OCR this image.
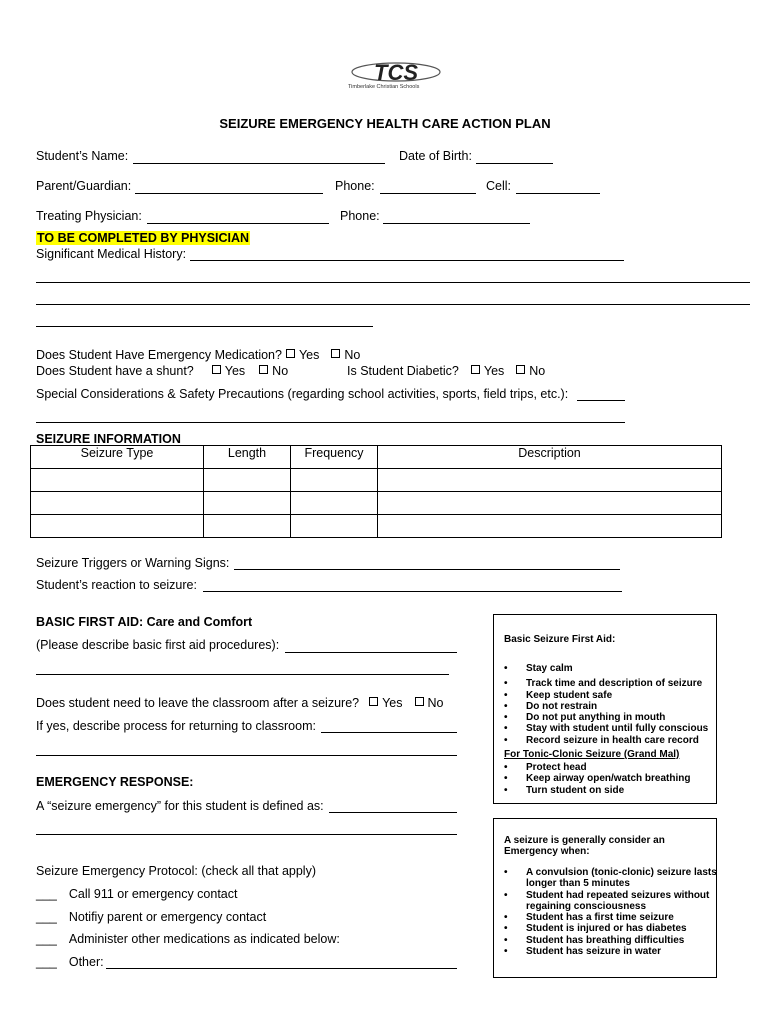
TCS
Timberlake Christian Schools
SEIZURE EMERGENCY HEALTH CARE ACTION PLAN
Student’s Name:	Date of Birth:
Parent/Guardian:	Phone:	Cell:
Treating Physician:	Phone:
TO BE COMPLETED BY PHYSICIAN
Significant Medical History:
Does Student Have Emergency Medication? Yes No
Does Student have a shunt? Yes No	Is Student Diabetic? Yes No
Special Considerations & Safety Precautions (regarding school activities, sports, field trips, etc.):
SEIZURE INFORMATION
Seizure Type	Length	Frequency	Description

Seizure Triggers or Warning Signs:
Student’s reaction to seizure:
BASIC FIRST AID: Care and Comfort
(Please describe basic first aid procedures):
Does student need to leave the classroom after a seizure? Yes No
If yes, describe process for returning to classroom:
EMERGENCY RESPONSE:
A “seizure emergency” for this student is defined as:
Seizure Emergency Protocol: (check all that apply)
___ Call 911 or emergency contact
___ Notifiy parent or emergency contact
___ Administer other medications as indicated below:
___ Other:
Basic Seizure First Aid:
• Stay calm
• Track time and description of seizure
• Keep student safe
• Do not restrain
• Do not put anything in mouth
• Stay with student until fully conscious
• Record seizure in health care record
For Tonic-Clonic Seizure (Grand Mal)
• Protect head
• Keep airway open/watch breathing
• Turn student on side
A seizure is generally consider an
Emergency when:
• A convulsion (tonic-clonic) seizure lasts longer than 5 minutes
• Student had repeated seizures without regaining consciousness
• Student has a first time seizure
• Student is injured or has diabetes
• Student has breathing difficulties
• Student has seizure in water
